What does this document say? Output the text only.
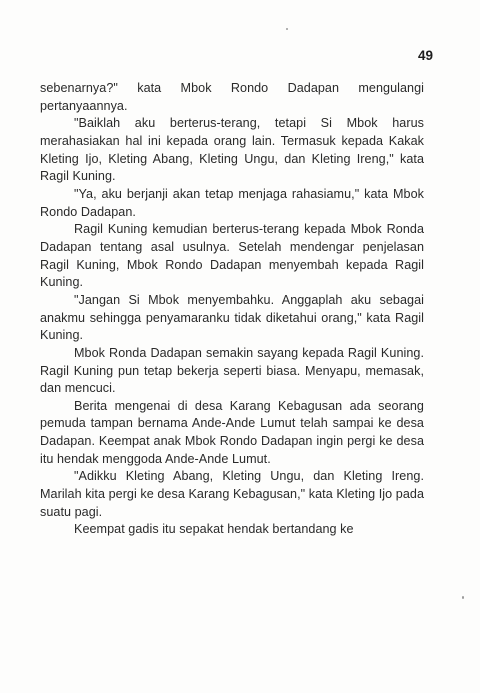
49

sebenarnya?" kata Mbok Rondo Dadapan mengulangi pertanyaannya.

"Baiklah aku berterus-terang, tetapi Si Mbok harus merahasiakan hal ini kepada orang lain. Termasuk kepada Kakak Kleting Ijo, Kleting Abang, Kleting Ungu, dan Kleting Ireng," kata Ragil Kuning.

"Ya, aku berjanji akan tetap menjaga rahasiamu," kata Mbok Rondo Dadapan.

Ragil Kuning kemudian berterus-terang kepada Mbok Ronda Dadapan tentang asal usulnya. Setelah mendengar penjelasan Ragil Kuning, Mbok Rondo Dadapan menyembah kepada Ragil Kuning.

"Jangan Si Mbok menyembahku. Anggaplah aku sebagai anakmu sehingga penyamaranku tidak diketahui orang," kata Ragil Kuning.

Mbok Ronda Dadapan semakin sayang kepada Ragil Kuning. Ragil Kuning pun tetap bekerja seperti biasa. Menyapu, memasak, dan mencuci.

Berita mengenai di desa Karang Kebagusan ada seorang pemuda tampan bernama Ande-Ande Lumut telah sampai ke desa Dadapan. Keempat anak Mbok Rondo Dadapan ingin pergi ke desa itu hendak menggoda Ande-Ande Lumut.

"Adikku Kleting Abang, Kleting Ungu, dan Kleting Ireng. Marilah kita pergi ke desa Karang Kebagusan," kata Kleting Ijo pada suatu pagi.

Keempat gadis itu sepakat hendak bertandang ke
